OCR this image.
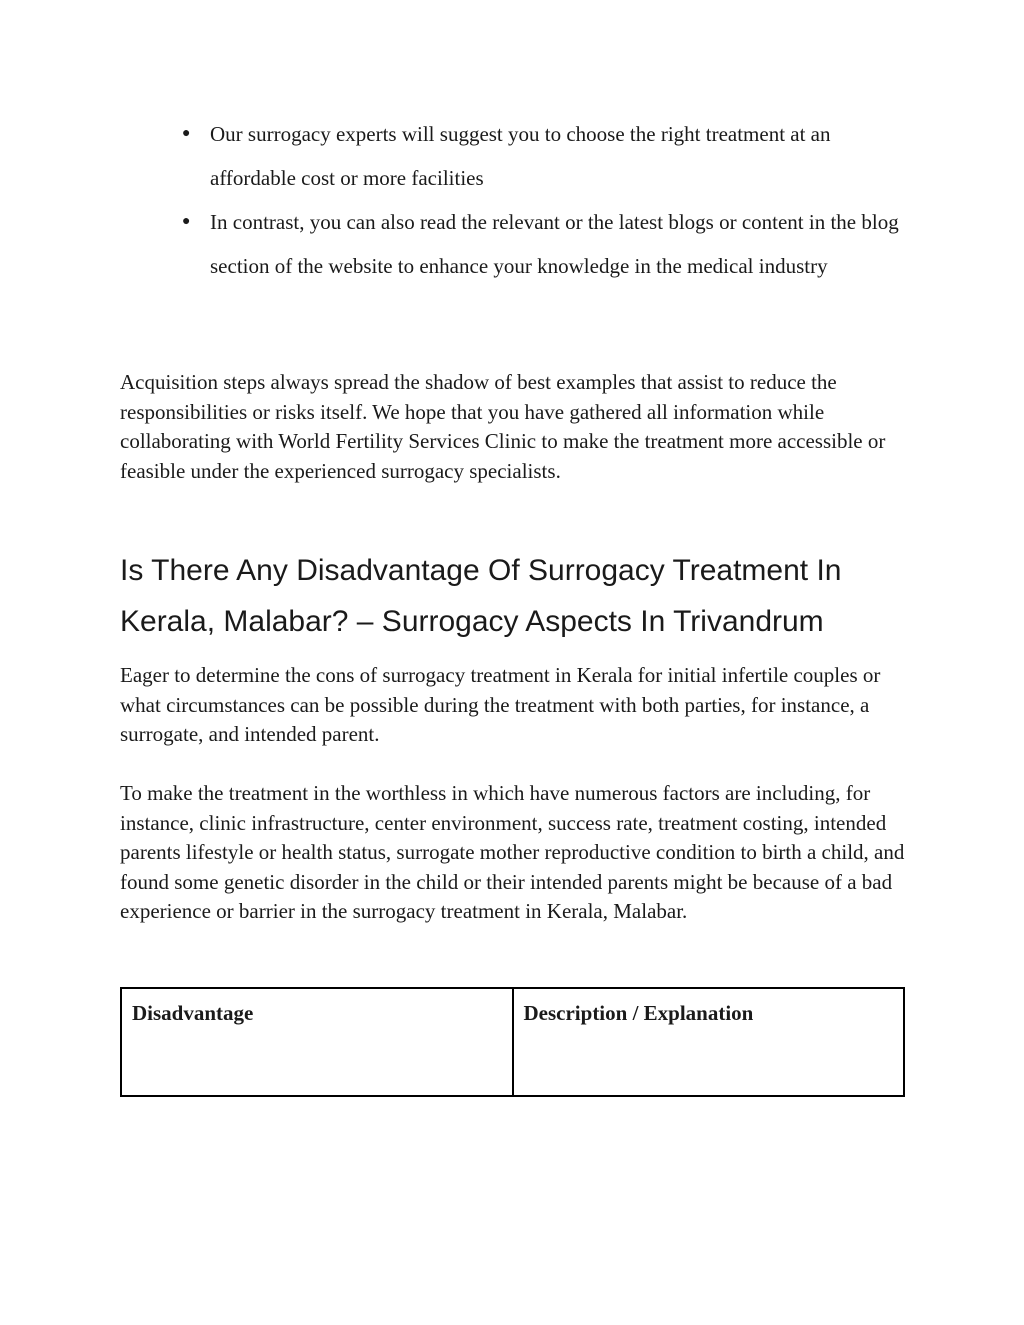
● Our surrogacy experts will suggest you to choose the right treatment at an affordable cost or more facilities
● In contrast, you can also read the relevant or the latest blogs or content in the blog section of the website to enhance your knowledge in the medical industry

Acquisition steps always spread the shadow of best examples that assist to reduce the responsibilities or risks itself. We hope that you have gathered all information while collaborating with World Fertility Services Clinic to make the treatment more accessible or feasible under the experienced surrogacy specialists.

Is There Any Disadvantage Of Surrogacy Treatment In Kerala, Malabar? – Surrogacy Aspects In Trivandrum

Eager to determine the cons of surrogacy treatment in Kerala for initial infertile couples or what circumstances can be possible during the treatment with both parties, for instance, a surrogate, and intended parent.

To make the treatment in the worthless in which have numerous factors are including, for instance, clinic infrastructure, center environment, success rate, treatment costing, intended parents lifestyle or health status, surrogate mother reproductive condition to birth a child, and found some genetic disorder in the child or their intended parents might be because of a bad experience or barrier in the surrogacy treatment in Kerala, Malabar.

Disadvantage	Description / Explanation
